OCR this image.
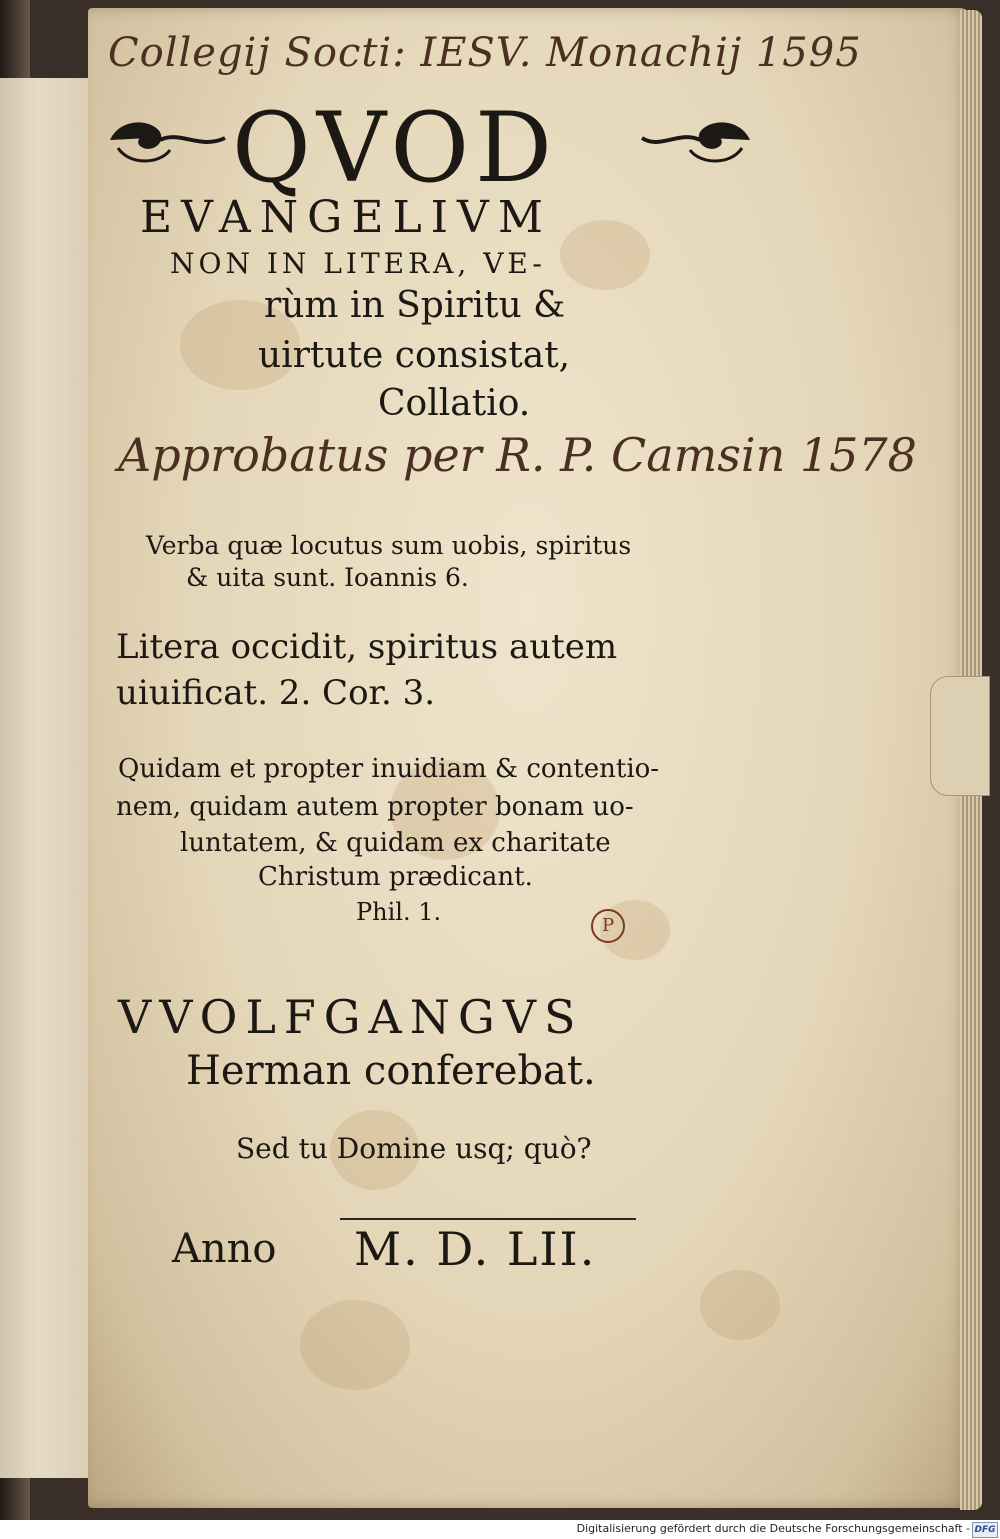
Collegij Socti: IESV. Monachij 1595
QVOD
EVANGELIVM
NON IN LITERA, VE-
rùm in Spiritu &
uirtute consistat,
Collatio.
Approbatus per R. P. Camsin 1578
Verba quæ locutus sum uobis, spiritus
& uita sunt. Ioannis 6.
Litera occidit, spiritus autem
uiuificat. 2. Cor. 3.
Quidam et propter inuidiam & contentio-
nem, quidam autem propter bonam uo-
luntatem, & quidam ex charitate
Christum prædicant.
Phil. 1.	P
VVOLFGANGVS
Herman conferebat.
Sed tu Domine usq; quò?
Anno M. D. LII.
Digitalisierung gefördert durch die Deutsche Forschungsgemeinschaft - DFG
